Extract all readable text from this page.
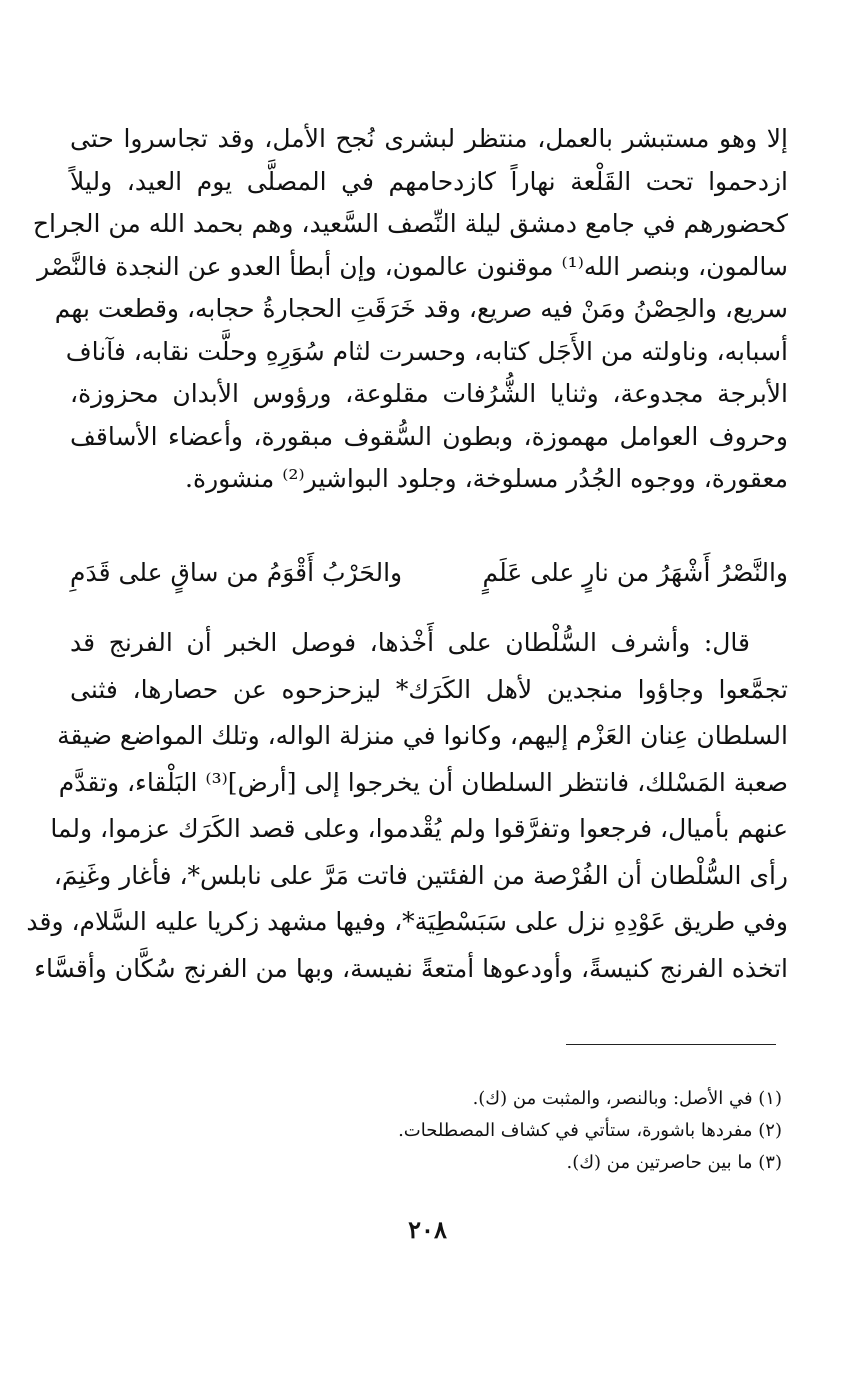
إلا وهو مستبشر بالعمل، منتظر لبشرى نُجح الأمل، وقد تجاسروا حتى
ازدحموا تحت القَلْعة نهاراً كازدحامهم في المصلَّى يوم العيد، وليلاً
كحضورهم في جامع دمشق ليلة النِّصف السَّعيد، وهم بحمد الله من الجراح
سالمون، وبنصر الله⁽¹⁾ موقنون عالمون، وإن أبطأ العدو عن النجدة فالنَّصْر
سريع، والحِصْنُ ومَنْ فيه صريع، وقد خَرَقَتِ الحجارةُ حجابه، وقطعت بهم
أسبابه، وناولته من الأَجَل كتابه، وحسرت لثام سُوَرِهِ وحلَّت نقابه، فآناف
الأبرجة مجدوعة، وثنايا الشُّرُفات مقلوعة، ورؤوس الأبدان محزوزة،
وحروف العوامل مهموزة، وبطون السُّقوف مبقورة، وأعضاء الأساقف
معقورة، ووجوه الجُدُر مسلوخة، وجلود البواشير⁽²⁾ منشورة.
والنَّصْرُ أَشْهَرُ من نارٍ على عَلَمٍ
والحَرْبُ أَقْوَمُ من ساقٍ على قَدَمِ
قال: وأشرف السُّلْطان على أَخْذها، فوصل الخبر أن الفرنج قد
تجمَّعوا وجاؤوا منجدين لأهل الكَرَك* ليزحزحوه عن حصارها، فثنى
السلطان عِنان العَزْم إليهم، وكانوا في منزلة الواله، وتلك المواضع ضيقة
صعبة المَسْلك، فانتظر السلطان أن يخرجوا إلى [أرض]⁽³⁾ البَلْقاء، وتقدَّم
عنهم بأميال، فرجعوا وتفرَّقوا ولم يُقْدموا، وعلى قصد الكَرَك عزموا، ولما
رأى السُّلْطان أن الفُرْصة من الفئتين فاتت مَرَّ على نابلس*، فأغار وغَنِمَ،
وفي طريق عَوْدِهِ نزل على سَبَسْطِيَة*، وفيها مشهد زكريا عليه السَّلام، وقد
اتخذه الفرنج كنيسةً، وأودعوها أمتعةً نفيسة، وبها من الفرنج سُكَّان وأقسَّاء
(١) في الأصل: وبالنصر، والمثبت من (ك).
(٢) مفردها باشورة، ستأتي في كشاف المصطلحات.
(٣) ما بين حاصرتين من (ك).
٢٠٨
